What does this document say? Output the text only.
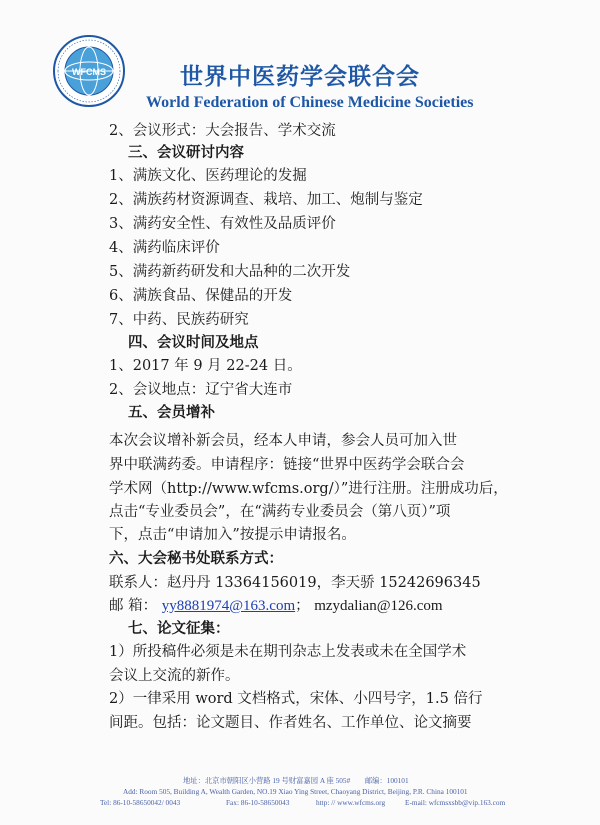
WFCMS	世界中医药学会联合会
World Federation of Chinese Medicine Societies
2、会议形式：大会报告、学术交流
三、会议研讨内容
1、满族文化、医药理论的发掘
2、满族药材资源调查、栽培、加工、炮制与鉴定
3、满药安全性、有效性及品质评价
4、满药临床评价
5、满药新药研发和大品种的二次开发
6、满族食品、保健品的开发
7、中药、民族药研究
四、会议时间及地点
1、2017 年 9 月 22-24 日。
2、会议地点：辽宁省大连市
五、会员增补
本次会议增补新会员，经本人申请，参会人员可加入世
界中联满药委。申请程序：链接“世界中医药学会联合会
学术网（http://www.wfcms.org/）”进行注册。注册成功后，
点击“专业委员会”，在“满药专业委员会（第八页）”项
下，点击“申请加入”按提示申请报名。
六、大会秘书处联系方式：
联系人：赵丹丹 13364156019，李天骄 15242696345
邮 箱： yy8881974@163.com； mzydalian@126.com
七、论文征集：
1）所投稿件必须是未在期刊杂志上发表或未在全国学术
会议上交流的新作。
2）一律采用 word 文档格式，宋体、小四号字，1.5 倍行
间距。包括：论文题目、作者姓名、工作单位、论文摘要
地址：北京市朝阳区小营路 19 号财富嘉园 A 座 505#　　邮编：100101
Add: Room 505, Building A, Wealth Garden, NO.19 Xiao Ying Street, Chaoyang District, Beijing, P.R. China 100101
Tel: 86-10-58650042/ 0043	Fax: 86-10-58650043	http: // www.wfcms.org	E-mail: wfcmsxsbb@vip.163.com
